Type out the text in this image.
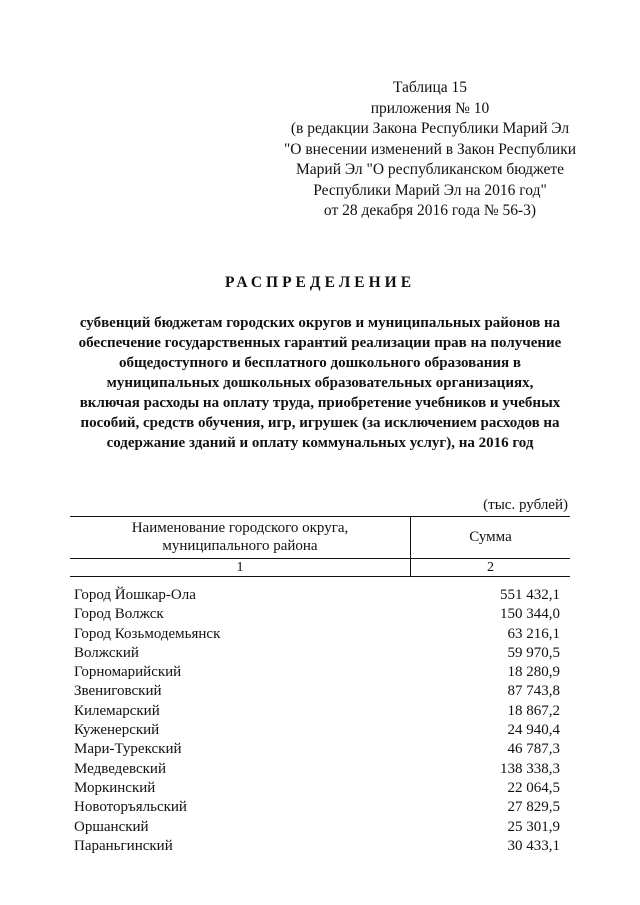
Таблица 15
приложения № 10
(в редакции Закона Республики Марий Эл
"О внесении изменений в Закон Республики
Марий Эл "О республиканском бюджете
Республики Марий Эл на 2016 год"
от 28 декабря 2016 года № 56-3)
РАСПРЕДЕЛЕНИЕ
субвенций бюджетам городских округов и муниципальных районов на
обеспечение государственных гарантий реализации прав на получение
общедоступного и бесплатного дошкольного образования в
муниципальных дошкольных образовательных организациях,
включая расходы на оплату труда, приобретение учебников и учебных
пособий, средств обучения, игр, игрушек (за исключением расходов на
содержание зданий и оплату коммунальных услуг), на 2016 год
(тыс. рублей)
Наименование городского округа,
муниципального района
Сумма
1	2
Город Йошкар-Ола	551 432,1
Город Волжск	150 344,0
Город Козьмодемьянск	63 216,1
Волжский	59 970,5
Горномарийский	18 280,9
Звениговский	87 743,8
Килемарский	18 867,2
Куженерский	24 940,4
Мари-Турекский	46 787,3
Медведевский	138 338,3
Моркинский	22 064,5
Новоторъяльский	27 829,5
Оршанский	25 301,9
Параньгинский	30 433,1
